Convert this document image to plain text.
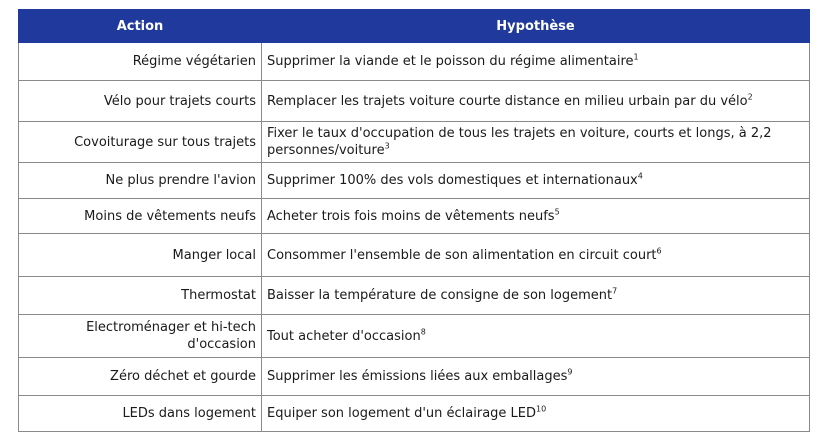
Action	Hypothèse
Régime végétarien	Supprimer la viande et le poisson du régime alimentaire$^1$
Vélo pour trajets courts	Remplacer les trajets voiture courte distance en milieu urbain par du vélo$^2$
Covoiturage sur tous trajets	Fixer le taux d'occupation de tous les trajets en voiture, courts et longs, à 2,2 personnes/voiture$^3$
Ne plus prendre l'avion	Supprimer 100% des vols domestiques et internationaux$^4$
Moins de vêtements neufs	Acheter trois fois moins de vêtements neufs$^5$
Manger local	Consommer l'ensemble de son alimentation en circuit court$^6$
Thermostat	Baisser la température de consigne de son logement$^7$
Electroménager et hi-tech d'occasion	Tout acheter d'occasion$^8$
Zéro déchet et gourde	Supprimer les émissions liées aux emballages$^9$
LEDs dans logement	Equiper son logement d'un éclairage LED$^{10}$
